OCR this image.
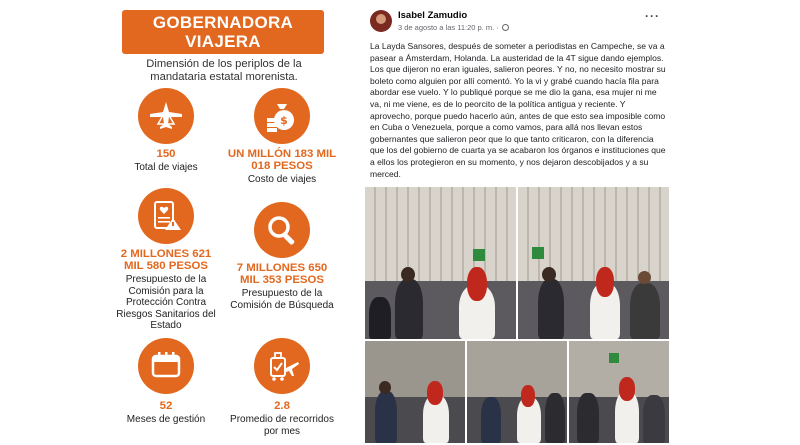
GOBERNADORA
VIAJERA
Dimensión de los periplos de la mandataria estatal morenista.
150
Total de viajes
$
UN MILLÓN 183 MIL 018 PESOS
Costo de viajes
2 MILLONES 621 MIL 580 PESOS
Presupuesto de la Comisión para la Protección Contra Riesgos Sanitarios del Estado
7 MILLONES 650 MIL 353 PESOS
Presupuesto de la Comisión de Búsqueda
52
Meses de gestión
2.8
Promedio de recorridos por mes
Isabel Zamudio
3 de agosto a las 11:20 p. m. ·
···
La Layda Sansores, después de someter a periodistas en Campeche, se va a pasear a Ámsterdam, Holanda. La austeridad de la 4T sigue dando ejemplos. Los que dijeron no eran iguales, salieron peores. Y no, no necesito mostrar su boleto como alguien por allí comentó. Yo la vi y grabé cuando hacía fila para abordar ese vuelo. Y lo publiqué porque se me dio la gana, esa mujer ni me va, ni me viene, es de lo peorcito de la política antigua y reciente. Y aprovecho, porque puedo hacerlo aún, antes de que esto sea imposible como en Cuba o Venezuela, porque a como vamos, para allá nos llevan estos gobernantes que salieron peor que lo que tanto criticaron, con la diferencia que los del gobierno de cuarta ya se acabaron los órganos e instituciones que a ellos los protegieron en su momento, y nos dejaron descobijados y a su merced.
